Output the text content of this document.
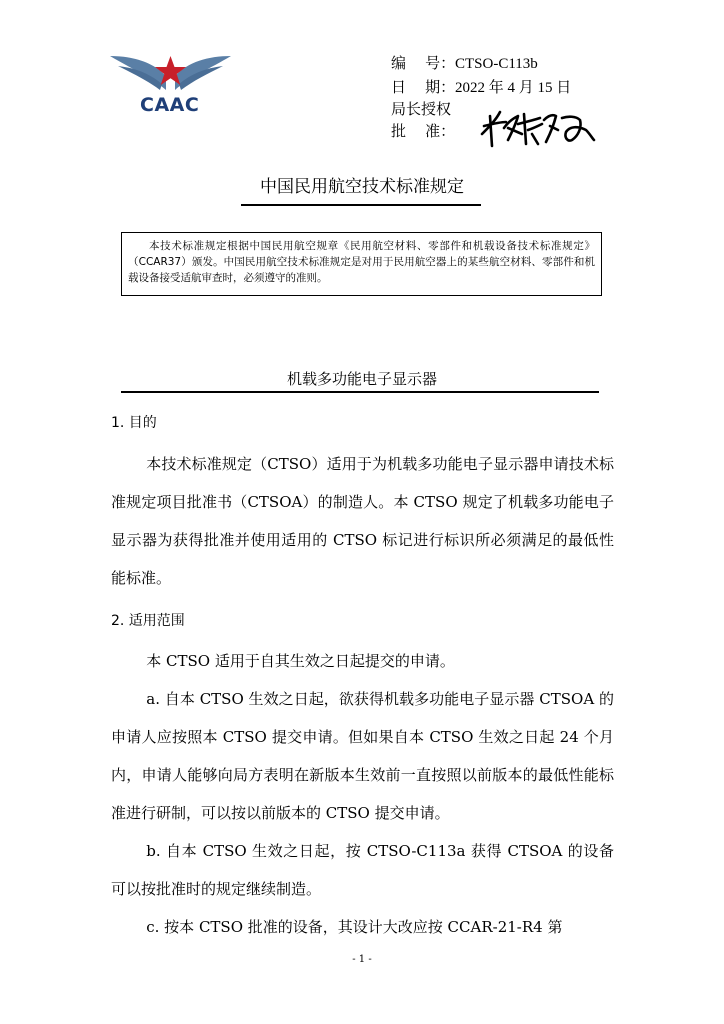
CAAC
编    号：CTSO-C113b
日    期：2022 年 4 月 15 日
局长授权
批    准：
中国民用航空技术标准规定
本技术标准规定根据中国民用航空规章《民用航空材料、零部件和机载设备技术标准规定》（CCAR37）颁发。中国民用航空技术标准规定是对用于民用航空器上的某些航空材料、零部件和机载设备接受适航审查时，必须遵守的准则。
机载多功能电子显示器
1. 目的
本技术标准规定（CTSO）适用于为机载多功能电子显示器申请技术标准规定项目批准书（CTSOA）的制造人。本 CTSO 规定了机载多功能电子显示器为获得批准并使用适用的 CTSO 标记进行标识所必须满足的最低性能标准。
2. 适用范围
本 CTSO 适用于自其生效之日起提交的申请。
a. 自本 CTSO 生效之日起，欲获得机载多功能电子显示器 CTSOA 的申请人应按照本 CTSO 提交申请。但如果自本 CTSO 生效之日起 24 个月内，申请人能够向局方表明在新版本生效前一直按照以前版本的最低性能标准进行研制，可以按以前版本的 CTSO 提交申请。
b. 自本 CTSO 生效之日起，按 CTSO-C113a 获得 CTSOA 的设备可以按批准时的规定继续制造。
c. 按本 CTSO 批准的设备，其设计大改应按 CCAR-21-R4 第
- 1 -
